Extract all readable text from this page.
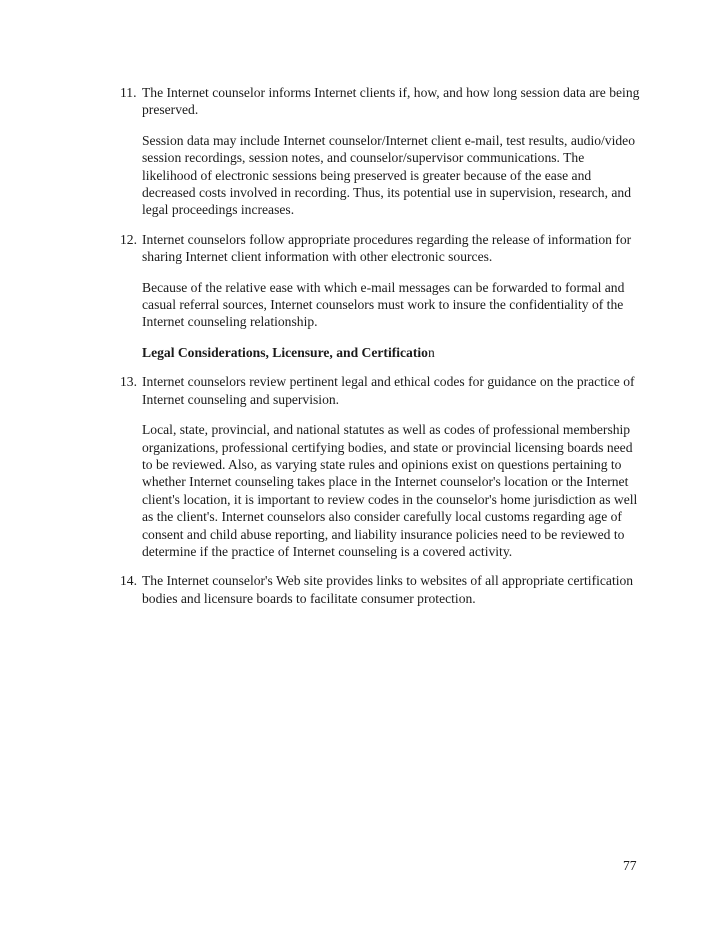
11. The Internet counselor informs Internet clients if, how, and how long session data are being preserved.

Session data may include Internet counselor/Internet client e-mail, test results, audio/video session recordings, session notes, and counselor/supervisor communications. The likelihood of electronic sessions being preserved is greater because of the ease and decreased costs involved in recording. Thus, its potential use in supervision, research, and legal proceedings increases.

12. Internet counselors follow appropriate procedures regarding the release of information for sharing Internet client information with other electronic sources.

Because of the relative ease with which e-mail messages can be forwarded to formal and casual referral sources, Internet counselors must work to insure the confidentiality of the Internet counseling relationship.

Legal Considerations, Licensure, and Certification

13. Internet counselors review pertinent legal and ethical codes for guidance on the practice of Internet counseling and supervision.

Local, state, provincial, and national statutes as well as codes of professional membership organizations, professional certifying bodies, and state or provincial licensing boards need to be reviewed. Also, as varying state rules and opinions exist on questions pertaining to whether Internet counseling takes place in the Internet counselor's location or the Internet client's location, it is important to review codes in the counselor's home jurisdiction as well as the client's. Internet counselors also consider carefully local customs regarding age of consent and child abuse reporting, and liability insurance policies need to be reviewed to determine if the practice of Internet counseling is a covered activity.

14. The Internet counselor's Web site provides links to websites of all appropriate certification bodies and licensure boards to facilitate consumer protection.

77
